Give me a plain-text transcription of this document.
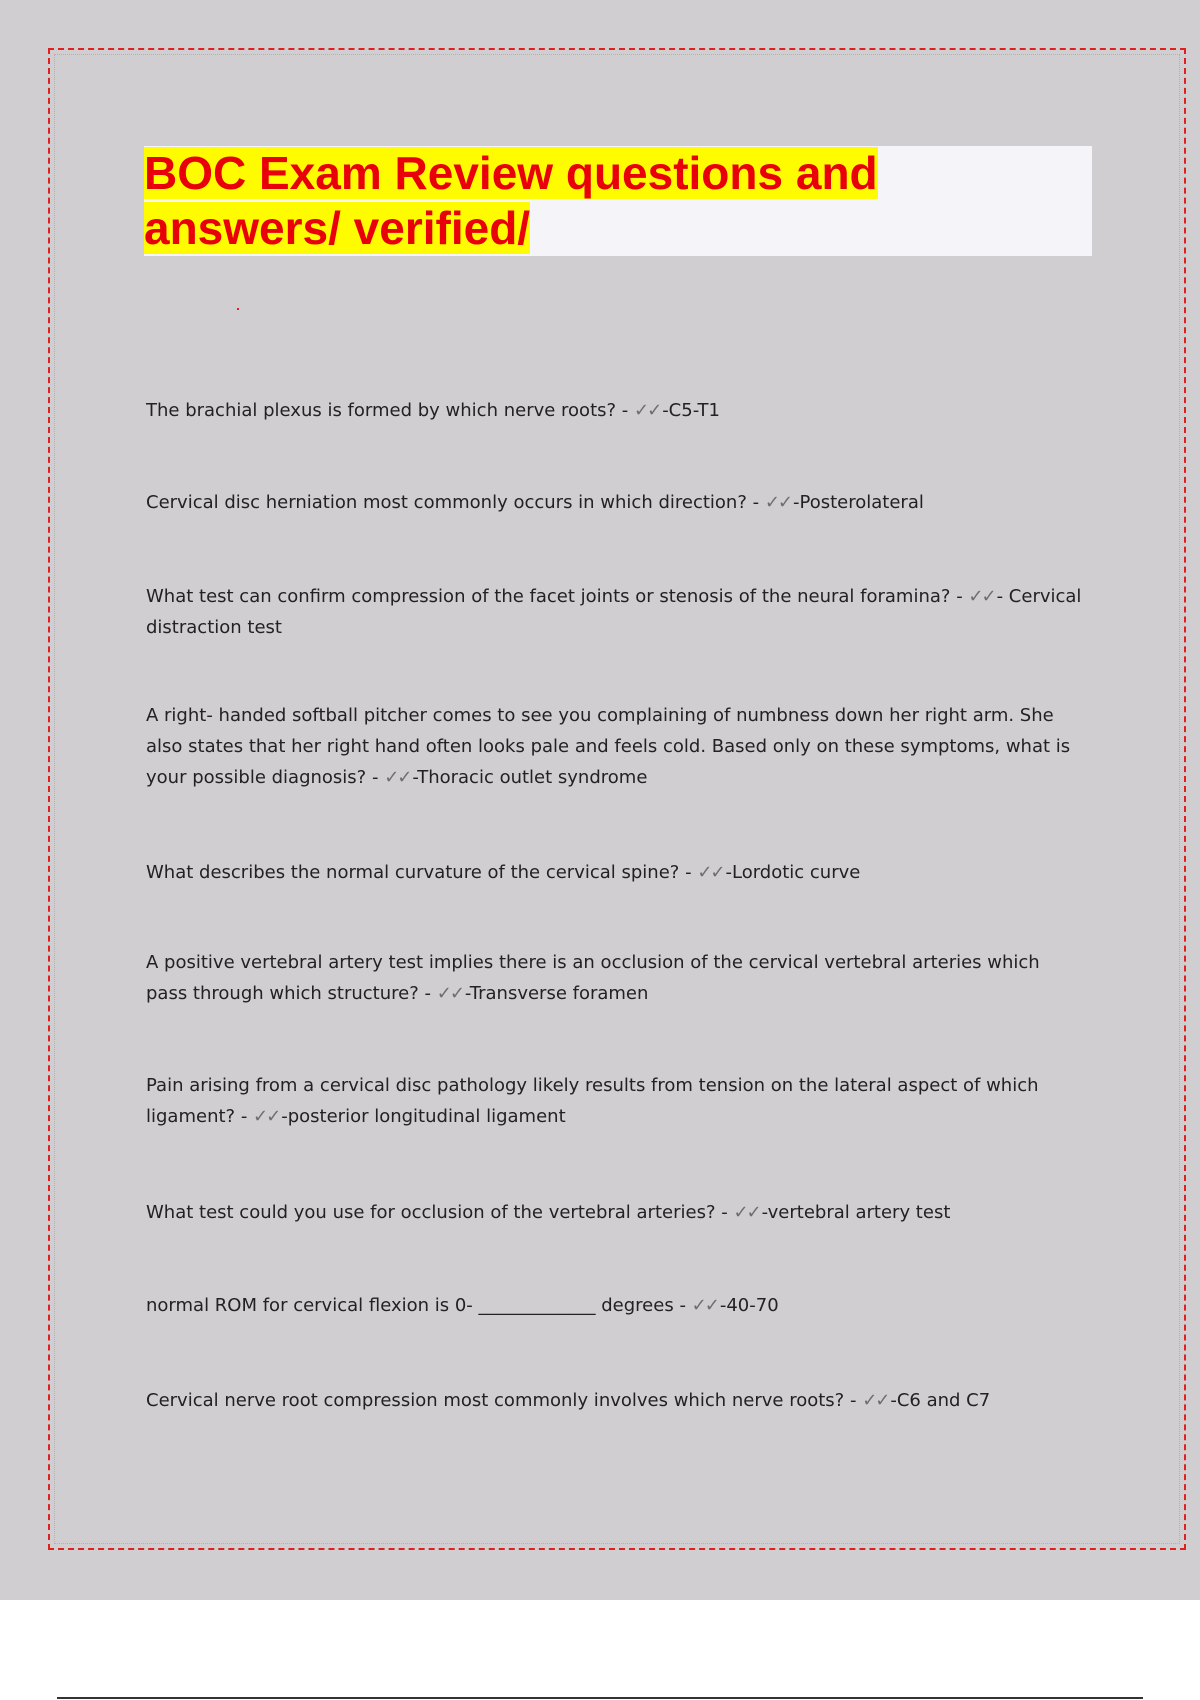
BOC Exam Review questions and
answers/ verified/

The brachial plexus is formed by which nerve roots? - ✓✓ -C5-T1

Cervical disc herniation most commonly occurs in which direction? - ✓✓ -Posterolateral

What test can confirm compression of the facet joints or stenosis of the neural foramina? - ✓✓ - Cervical distraction test

A right- handed softball pitcher comes to see you complaining of numbness down her right arm. She also states that her right hand often looks pale and feels cold. Based only on these symptoms, what is your possible diagnosis? - ✓✓ -Thoracic outlet syndrome

What describes the normal curvature of the cervical spine? - ✓✓ -Lordotic curve

A positive vertebral artery test implies there is an occlusion of the cervical vertebral arteries which pass through which structure? - ✓✓ -Transverse foramen

Pain arising from a cervical disc pathology likely results from tension on the lateral aspect of which ligament? - ✓✓ -posterior longitudinal ligament

What test could you use for occlusion of the vertebral arteries? - ✓✓ -vertebral artery test

normal ROM for cervical flexion is 0- _____________ degrees - ✓✓ -40-70

Cervical nerve root compression most commonly involves which nerve roots? - ✓✓ -C6 and C7
